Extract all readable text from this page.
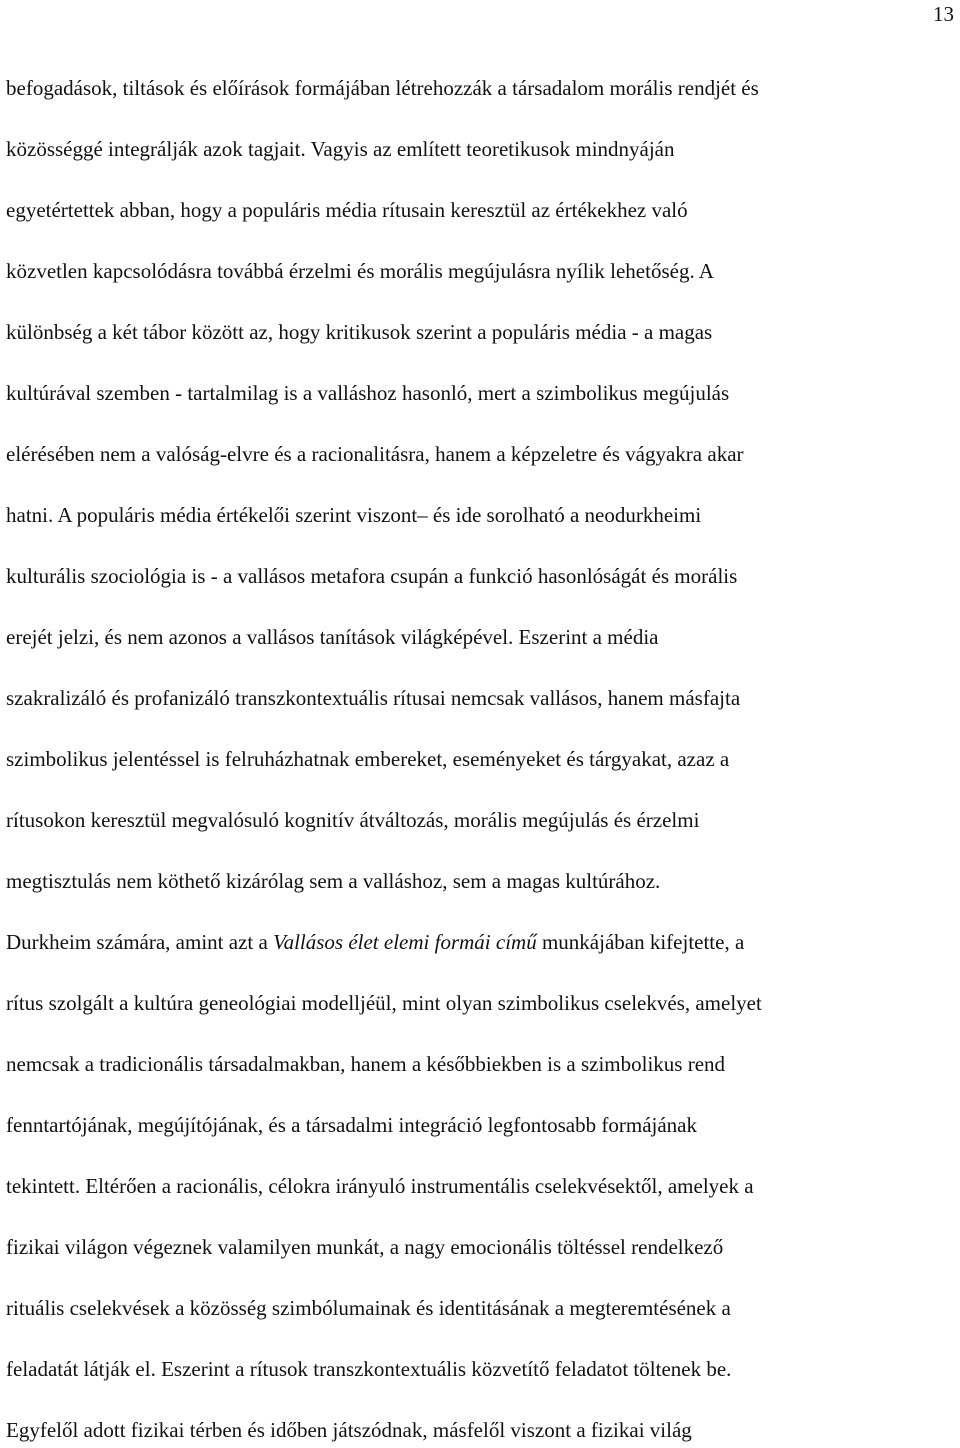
13

befogadások, tiltások és előírások formájában létrehozzák a társadalom morális rendjét és

közösséggé integrálják azok tagjait. Vagyis az említett teoretikusok mindnyáján

egyetértettek abban, hogy a populáris média rítusain keresztül az értékekhez való

közvetlen kapcsolódásra továbbá érzelmi és morális megújulásra nyílik lehetőség. A

különbség a két tábor között az, hogy kritikusok szerint a populáris média - a magas

kultúrával szemben - tartalmilag is a valláshoz hasonló, mert a szimbolikus megújulás

elérésében nem a valóság-elvre és a racionalitásra, hanem a képzeletre és vágyakra akar

hatni. A populáris média értékelői szerint viszont– és ide sorolható a neodurkheimi

kulturális szociológia is - a vallásos metafora csupán a funkció hasonlóságát és morális

erejét jelzi, és nem azonos a vallásos tanítások világképével. Eszerint a média

szakralizáló és profanizáló transzkontextuális rítusai nemcsak vallásos, hanem másfajta

szimbolikus jelentéssel is felruházhatnak embereket, eseményeket és tárgyakat, azaz a

rítusokon keresztül megvalósuló kognitív átváltozás, morális megújulás és érzelmi

megtisztulás nem köthető kizárólag sem a valláshoz, sem a magas kultúrához.

Durkheim számára, amint azt a Vallásos élet elemi formái című munkájában kifejtette, a

rítus szolgált a kultúra geneológiai modelljéül, mint olyan szimbolikus cselekvés, amelyet

nemcsak a tradicionális társadalmakban, hanem a későbbiekben is a szimbolikus rend

fenntartójának, megújítójának, és a társadalmi integráció legfontosabb formájának

tekintett. Eltérően a racionális, célokra irányuló instrumentális cselekvésektől, amelyek a

fizikai világon végeznek valamilyen munkát, a nagy emocionális töltéssel rendelkező

rituális cselekvések a közösség szimbólumainak és identitásának a megteremtésének a

feladatát látják el. Eszerint a rítusok transzkontextuális közvetítő feladatot töltenek be.

Egyfelől adott fizikai térben és időben játszódnak, másfelől viszont a fizikai világ
